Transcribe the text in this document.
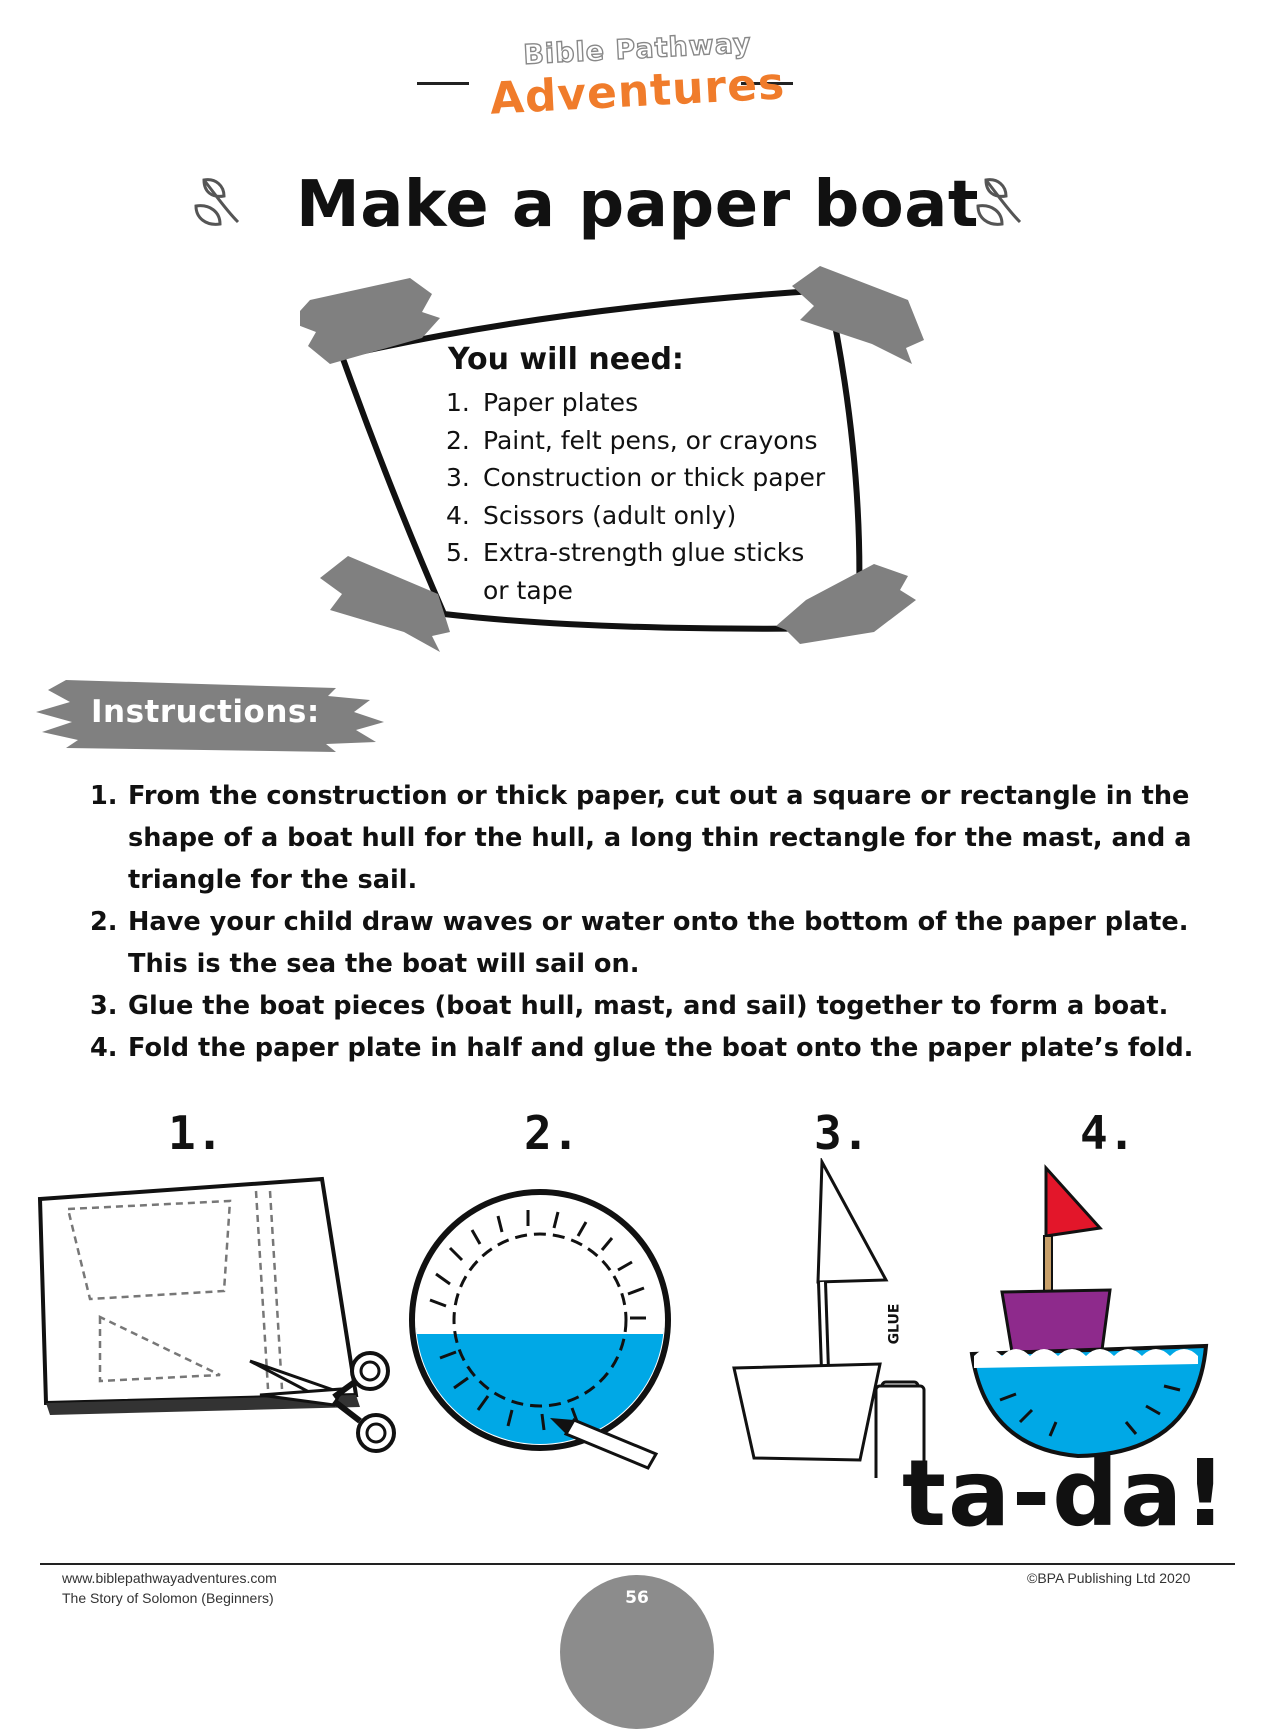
Bible Pathway
Adventures
Make a paper boat
You will need:
1. Paper plates
2. Paint, felt pens, or crayons
3. Construction or thick paper
4. Scissors (adult only)
5. Extra-strength glue sticks
or tape
Instructions:
1. From the construction or thick paper, cut out a square or rectangle in the
shape of a boat hull for the hull, a long thin rectangle for the mast, and a
triangle for the sail.
2. Have your child draw waves or water onto the bottom of the paper plate.
This is the sea the boat will sail on.
3. Glue the boat pieces (boat hull, mast, and sail) together to form a boat.
4. Fold the paper plate in half and glue the boat onto the paper plate’s fold.
1.	2.	3.	4.
GLUE
ta-da!
www.biblepathwayadventures.com
The Story of Solomon (Beginners)
©BPA Publishing Ltd 2020
56
